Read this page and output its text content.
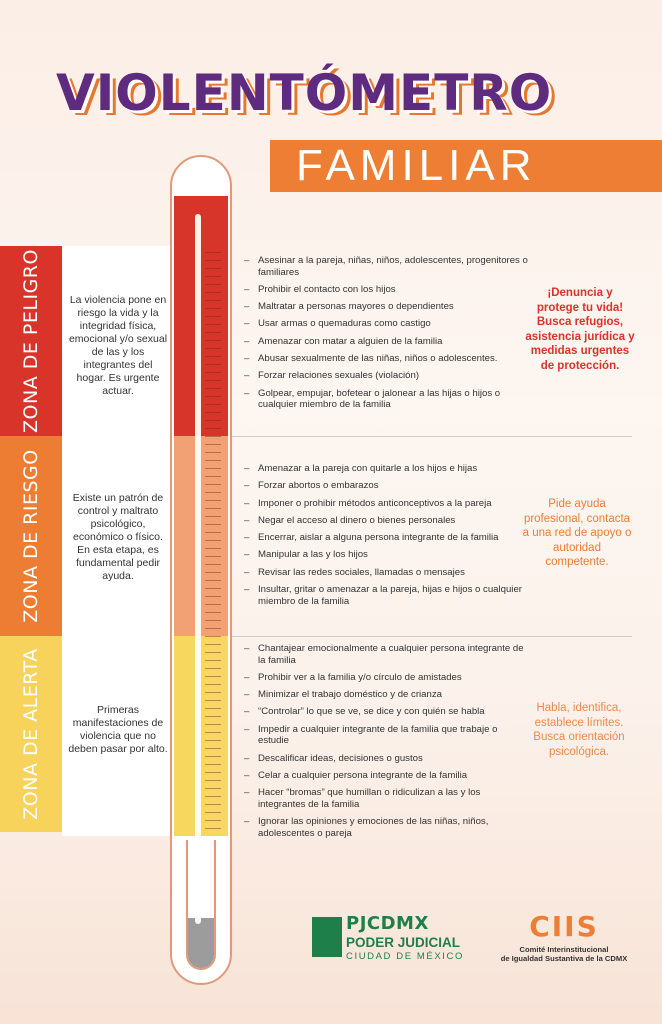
VIOLENTÓMETRO
FAMILIAR
ZONA DE PELIGRO
ZONA DE RIESGO
ZONA DE ALERTA
La violencia pone en riesgo la vida y la integridad física, emocional y/o sexual de las y los integrantes del hogar. Es urgente actuar.
Existe un patrón de control y maltrato psicológico, económico o físico. En esta etapa, es fundamental pedir ayuda.
Primeras manifestaciones de violencia que no deben pasar por alto.
– Asesinar a la pareja, niñas, niños, adolescentes, progenitores o familiares
– Prohibir el contacto con los hijos
– Maltratar a personas mayores o dependientes
– Usar armas o quemaduras como castigo
– Amenazar con matar a alguien de la familia
– Abusar sexualmente de las niñas, niños o adolescentes.
– Forzar relaciones sexuales (violación)
– Golpear, empujar, bofetear o jalonear a las hijas o hijos o cualquier miembro de la familia
– Amenazar a la pareja con quitarle a los hijos e hijas
– Forzar abortos o embarazos
– Imponer o prohibir métodos anticonceptivos a la pareja
– Negar el acceso al dinero o bienes personales
– Encerrar, aislar a alguna persona integrante de la familia
– Manipular a las y los hijos
– Revisar las redes sociales, llamadas o mensajes
– Insultar, gritar o amenazar a la pareja, hijas e hijos o cualquier miembro de la familia
– Chantajear emocionalmente a cualquier persona integrante de la familia
– Prohibir ver a la familia y/o círculo de amistades
– Minimizar el trabajo doméstico y de crianza
– “Controlar” lo que se ve, se dice y con quién se habla
– Impedir a cualquier integrante de la familia que trabaje o estudie
– Descalificar ideas, decisiones o gustos
– Celar a cualquier persona integrante de la familia
– Hacer “bromas” que humillan o ridiculizan a las y los integrantes de la familia
– Ignorar las opiniones y emociones de las niñas, niños, adolescentes o pareja
¡Denuncia y protege tu vida! Busca refugios, asistencia jurídica y medidas urgentes de protección.
Pide ayuda profesional, contacta a una red de apoyo o autoridad competente.
Habla, identifica, establece límites. Busca orientación psicológica.
PJCDMX
PODER JUDICIAL
CIUDAD DE MÉXICO
CIIS
Comité Interinstitucional
de Igualdad Sustantiva de la CDMX
